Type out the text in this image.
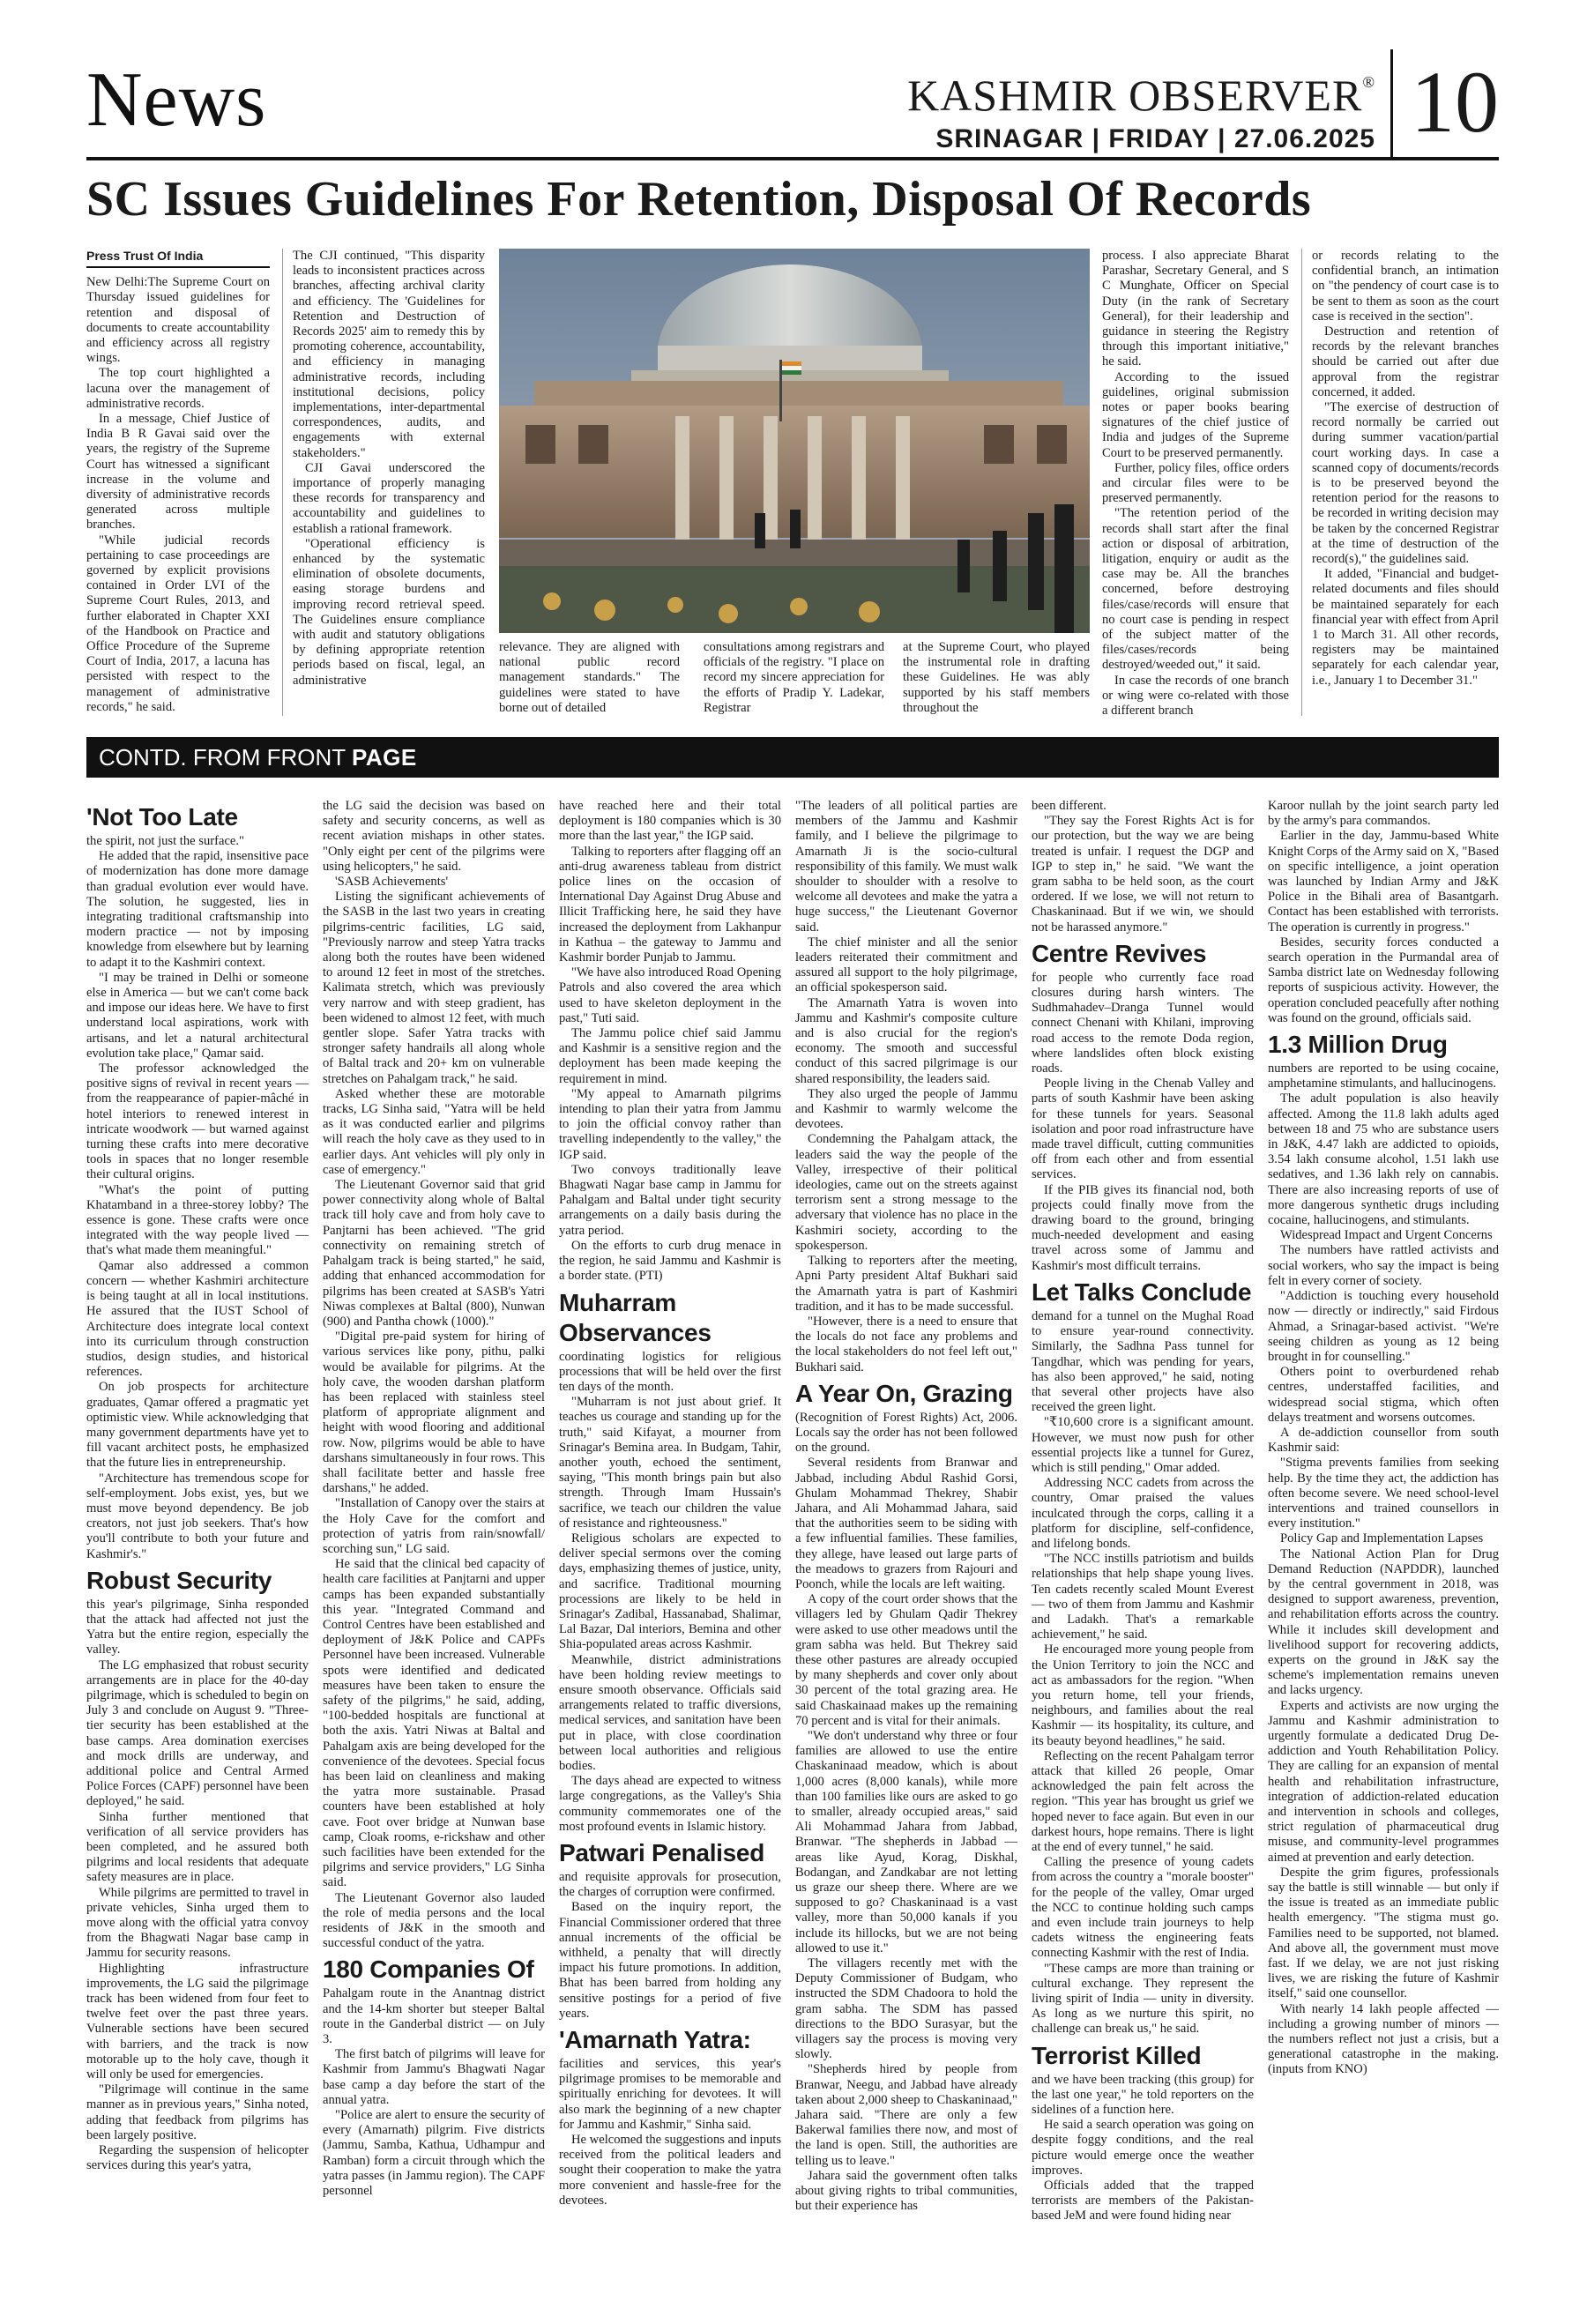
News	KASHMIR OBSERVER®
SRINAGAR | FRIDAY | 27.06.2025 10
SC Issues Guidelines For Retention, Disposal Of Records
Press Trust Of India

New Delhi:The Supreme Court on Thursday issued guidelines for retention and disposal of documents to create accountability and efficiency across all registry wings.

The top court highlighted a lacuna over the management of administrative records.

In a message, Chief Justice of India B R Gavai said over the years, the registry of the Supreme Court has witnessed a significant increase in the volume and diversity of administrative records generated across multiple branches.

"While judicial records pertaining to case proceedings are governed by explicit provisions contained in Order LVI of the Supreme Court Rules, 2013, and further elaborated in Chapter XXI of the Handbook on Practice and Office Procedure of the Supreme Court of India, 2017, a lacuna has persisted with respect to the management of administrative records," he said.

The CJI continued, "This disparity leads to inconsistent practices across branches, affecting archival clarity and efficiency. The 'Guidelines for Retention and Destruction of Records 2025' aim to remedy this by promoting coherence, accountability, and efficiency in managing administrative records, including institutional decisions, policy implementations, inter-departmental correspondences, audits, and engagements with external stakeholders."

CJI Gavai underscored the importance of properly managing these records for transparency and accountability and guidelines to establish a rational framework.

"Operational efficiency is enhanced by the systematic elimination of obsolete documents, easing storage burdens and improving record retrieval speed. The Guidelines ensure compliance with audit and statutory obligations by defining appropriate retention periods based on fiscal, legal, an administrative

relevance. They are aligned with national public record management standards." The guidelines were stated to have borne out of detailed

consultations among registrars and officials of the registry. "I place on record my sincere appreciation for the efforts of Pradip Y. Ladekar, Registrar

at the Supreme Court, who played the instrumental role in drafting these Guidelines. He was ably supported by his staff members throughout the

process. I also appreciate Bharat Parashar, Secretary General, and S C Munghate, Officer on Special Duty (in the rank of Secretary General), for their leadership and guidance in steering the Registry through this important initiative," he said.

According to the issued guidelines, original submission notes or paper books bearing signatures of the chief justice of India and judges of the Supreme Court to be preserved permanently.

Further, policy files, office orders and circular files were to be preserved permanently.

"The retention period of the records shall start after the final action or disposal of arbitration, litigation, enquiry or audit as the case may be. All the branches concerned, before destroying files/case/records will ensure that no court case is pending in respect of the subject matter of the files/cases/records being destroyed/weeded out," it said.

In case the records of one branch or wing were co-related with those a different branch

or records relating to the confidential branch, an intimation on "the pendency of court case is to be sent to them as soon as the court case is received in the section".

Destruction and retention of records by the relevant branches should be carried out after due approval from the registrar concerned, it added.

"The exercise of destruction of record normally be carried out during summer vacation/partial court working days. In case a scanned copy of documents/records is to be preserved beyond the retention period for the reasons to be recorded in writing decision may be taken by the concerned Registrar at the time of destruction of the record(s)," the guidelines said.

It added, "Financial and budget-related documents and files should be maintained separately for each financial year with effect from April 1 to March 31. All other records, registers may be maintained separately for each calendar year, i.e., January 1 to December 31."

CONTD. FROM FRONT PAGE
'Not Too Late

the spirit, not just the surface."

He added that the rapid, insensitive pace of modernization has done more damage than gradual evolution ever would have. The solution, he suggested, lies in integrating traditional craftsmanship into modern practice — not by imposing knowledge from elsewhere but by learning to adapt it to the Kashmiri context.

"I may be trained in Delhi or someone else in America — but we can't come back and impose our ideas here. We have to first understand local aspirations, work with artisans, and let a natural architectural evolution take place," Qamar said.

The professor acknowledged the positive signs of revival in recent years — from the reappearance of papier-mâché in hotel interiors to renewed interest in intricate woodwork — but warned against turning these crafts into mere decorative tools in spaces that no longer resemble their cultural origins.

"What's the point of putting Khatamband in a three-storey lobby? The essence is gone. These crafts were once integrated with the way people lived — that's what made them meaningful."

Qamar also addressed a common concern — whether Kashmiri architecture is being taught at all in local institutions. He assured that the IUST School of Architecture does integrate local context into its curriculum through construction studios, design studies, and historical references.

On job prospects for architecture graduates, Qamar offered a pragmatic yet optimistic view. While acknowledging that many government departments have yet to fill vacant architect posts, he emphasized that the future lies in entrepreneurship.

"Architecture has tremendous scope for self-employment. Jobs exist, yes, but we must move beyond dependency. Be job creators, not just job seekers. That's how you'll contribute to both your future and Kashmir's."

Robust Security

this year's pilgrimage, Sinha responded that the attack had affected not just the Yatra but the entire region, especially the valley.

The LG emphasized that robust security arrangements are in place for the 40-day pilgrimage, which is scheduled to begin on July 3 and conclude on August 9. "Three-tier security has been established at the base camps. Area domination exercises and mock drills are underway, and additional police and Central Armed Police Forces (CAPF) personnel have been deployed," he said.

Sinha further mentioned that verification of all service providers has been completed, and he assured both pilgrims and local residents that adequate safety measures are in place.

While pilgrims are permitted to travel in private vehicles, Sinha urged them to move along with the official yatra convoy from the Bhagwati Nagar base camp in Jammu for security reasons.

Highlighting infrastructure improvements, the LG said the pilgrimage track has been widened from four feet to twelve feet over the past three years. Vulnerable sections have been secured with barriers, and the track is now motorable up to the holy cave, though it will only be used for emergencies.

"Pilgrimage will continue in the same manner as in previous years," Sinha noted, adding that feedback from pilgrims has been largely positive.

Regarding the suspension of helicopter services during this year's yatra,

the LG said the decision was based on safety and security concerns, as well as recent aviation mishaps in other states. "Only eight per cent of the pilgrims were using helicopters," he said.

'SASB Achievements'

Listing the significant achievements of the SASB in the last two years in creating pilgrims-centric facilities, LG said, "Previously narrow and steep Yatra tracks along both the routes have been widened to around 12 feet in most of the stretches. Kalimata stretch, which was previously very narrow and with steep gradient, has been widened to almost 12 feet, with much gentler slope. Safer Yatra tracks with stronger safety handrails all along whole of Baltal track and 20+ km on vulnerable stretches on Pahalgam track," he said.

Asked whether these are motorable tracks, LG Sinha said, "Yatra will be held as it was conducted earlier and pilgrims will reach the holy cave as they used to in earlier days. Ant vehicles will ply only in case of emergency."

The Lieutenant Governor said that grid power connectivity along whole of Baltal track till holy cave and from holy cave to Panjtarni has been achieved. "The grid connectivity on remaining stretch of Pahalgam track is being started," he said, adding that enhanced accommodation for pilgrims has been created at SASB's Yatri Niwas complexes at Baltal (800), Nunwan (900) and Pantha chowk (1000)."

"Digital pre-paid system for hiring of various services like pony, pithu, palki would be available for pilgrims. At the holy cave, the wooden darshan platform has been replaced with stainless steel platform of appropriate alignment and height with wood flooring and additional row. Now, pilgrims would be able to have darshans simultaneously in four rows. This shall facilitate better and hassle free darshans," he added.

"Installation of Canopy over the stairs at the Holy Cave for the comfort and protection of yatris from rain/snowfall/ scorching sun," LG said.

He said that the clinical bed capacity of health care facilities at Panjtarni and upper camps has been expanded substantially this year. "Integrated Command and Control Centres have been established and deployment of J&K Police and CAPFs Personnel have been increased. Vulnerable spots were identified and dedicated measures have been taken to ensure the safety of the pilgrims," he said, adding, "100-bedded hospitals are functional at both the axis. Yatri Niwas at Baltal and Pahalgam axis are being developed for the convenience of the devotees. Special focus has been laid on cleanliness and making the yatra more sustainable. Prasad counters have been established at holy cave. Foot over bridge at Nunwan base camp, Cloak rooms, e-rickshaw and other such facilities have been extended for the pilgrims and service providers," LG Sinha said.

The Lieutenant Governor also lauded the role of media persons and the local residents of J&K in the smooth and successful conduct of the yatra.

180 Companies Of

Pahalgam route in the Anantnag district and the 14-km shorter but steeper Baltal route in the Ganderbal district — on July 3.

The first batch of pilgrims will leave for Kashmir from Jammu's Bhagwati Nagar base camp a day before the start of the annual yatra.

"Police are alert to ensure the security of every (Amarnath) pilgrim. Five districts (Jammu, Samba, Kathua, Udhampur and Ramban) form a circuit through which the yatra passes (in Jammu region). The CAPF personnel

have reached here and their total deployment is 180 companies which is 30 more than the last year," the IGP said.

Talking to reporters after flagging off an anti-drug awareness tableau from district police lines on the occasion of International Day Against Drug Abuse and Illicit Trafficking here, he said they have increased the deployment from Lakhanpur in Kathua – the gateway to Jammu and Kashmir border Punjab to Jammu.

"We have also introduced Road Opening Patrols and also covered the area which used to have skeleton deployment in the past," Tuti said.

The Jammu police chief said Jammu and Kashmir is a sensitive region and the deployment has been made keeping the requirement in mind.

"My appeal to Amarnath pilgrims intending to plan their yatra from Jammu to join the official convoy rather than travelling independently to the valley," the IGP said.

Two convoys traditionally leave Bhagwati Nagar base camp in Jammu for Pahalgam and Baltal under tight security arrangements on a daily basis during the yatra period.

On the efforts to curb drug menace in the region, he said Jammu and Kashmir is a border state. (PTI)

Muharram Observances

coordinating logistics for religious processions that will be held over the first ten days of the month.

"Muharram is not just about grief. It teaches us courage and standing up for the truth," said Kifayat, a mourner from Srinagar's Bemina area. In Budgam, Tahir, another youth, echoed the sentiment, saying, "This month brings pain but also strength. Through Imam Hussain's sacrifice, we teach our children the value of resistance and righteousness."

Religious scholars are expected to deliver special sermons over the coming days, emphasizing themes of justice, unity, and sacrifice. Traditional mourning processions are likely to be held in Srinagar's Zadibal, Hassanabad, Shalimar, Lal Bazar, Dal interiors, Bemina and other Shia-populated areas across Kashmir.

Meanwhile, district administrations have been holding review meetings to ensure smooth observance. Officials said arrangements related to traffic diversions, medical services, and sanitation have been put in place, with close coordination between local authorities and religious bodies.

The days ahead are expected to witness large congregations, as the Valley's Shia community commemorates one of the most profound events in Islamic history.

Patwari Penalised

and requisite approvals for prosecution, the charges of corruption were confirmed.

Based on the inquiry report, the Financial Commissioner ordered that three annual increments of the official be withheld, a penalty that will directly impact his future promotions. In addition, Bhat has been barred from holding any sensitive postings for a period of five years.

'Amarnath Yatra:

facilities and services, this year's pilgrimage promises to be memorable and spiritually enriching for devotees. It will also mark the beginning of a new chapter for Jammu and Kashmir," Sinha said.

He welcomed the suggestions and inputs received from the political leaders and sought their cooperation to make the yatra more convenient and hassle-free for the devotees.

"The leaders of all political parties are members of the Jammu and Kashmir family, and I believe the pilgrimage to Amarnath Ji is the socio-cultural responsibility of this family. We must walk shoulder to shoulder with a resolve to welcome all devotees and make the yatra a huge success," the Lieutenant Governor said.

The chief minister and all the senior leaders reiterated their commitment and assured all support to the holy pilgrimage, an official spokesperson said.

The Amarnath Yatra is woven into Jammu and Kashmir's composite culture and is also crucial for the region's economy. The smooth and successful conduct of this sacred pilgrimage is our shared responsibility, the leaders said.

They also urged the people of Jammu and Kashmir to warmly welcome the devotees.

Condemning the Pahalgam attack, the leaders said the way the people of the Valley, irrespective of their political ideologies, came out on the streets against terrorism sent a strong message to the adversary that violence has no place in the Kashmiri society, according to the spokesperson.

Talking to reporters after the meeting, Apni Party president Altaf Bukhari said the Amarnath yatra is part of Kashmiri tradition, and it has to be made successful.

"However, there is a need to ensure that the locals do not face any problems and the local stakeholders do not feel left out," Bukhari said.

A Year On, Grazing

(Recognition of Forest Rights) Act, 2006. Locals say the order has not been followed on the ground.

Several residents from Branwar and Jabbad, including Abdul Rashid Gorsi, Ghulam Mohammad Thekrey, Shabir Jahara, and Ali Mohammad Jahara, said that the authorities seem to be siding with a few influential families. These families, they allege, have leased out large parts of the meadows to grazers from Rajouri and Poonch, while the locals are left waiting.

A copy of the court order shows that the villagers led by Ghulam Qadir Thekrey were asked to use other meadows until the gram sabha was held. But Thekrey said these other pastures are already occupied by many shepherds and cover only about 30 percent of the total grazing area. He said Chaskainaad makes up the remaining 70 percent and is vital for their animals.

"We don't understand why three or four families are allowed to use the entire Chaskaninaad meadow, which is about 1,000 acres (8,000 kanals), while more than 100 families like ours are asked to go to smaller, already occupied areas," said Ali Mohammad Jahara from Jabbad, Branwar. "The shepherds in Jabbad — areas like Ayud, Korag, Diskhal, Bodangan, and Zandkabar are not letting us graze our sheep there. Where are we supposed to go? Chaskaninaad is a vast valley, more than 50,000 kanals if you include its hillocks, but we are not being allowed to use it."

The villagers recently met with the Deputy Commissioner of Budgam, who instructed the SDM Chadoora to hold the gram sabha. The SDM has passed directions to the BDO Surasyar, but the villagers say the process is moving very slowly.

"Shepherds hired by people from Branwar, Neegu, and Jabbad have already taken about 2,000 sheep to Chaskaninaad," Jahara said. "There are only a few Bakerwal families there now, and most of the land is open. Still, the authorities are telling us to leave."

Jahara said the government often talks about giving rights to tribal communities, but their experience has

been different.

"They say the Forest Rights Act is for our protection, but the way we are being treated is unfair. I request the DGP and IGP to step in," he said. "We want the gram sabha to be held soon, as the court ordered. If we lose, we will not return to Chaskaninaad. But if we win, we should not be harassed anymore."

Centre Revives

for people who currently face road closures during harsh winters. The Sudhmahadev–Dranga Tunnel would connect Chenani with Khilani, improving road access to the remote Doda region, where landslides often block existing roads.

People living in the Chenab Valley and parts of south Kashmir have been asking for these tunnels for years. Seasonal isolation and poor road infrastructure have made travel difficult, cutting communities off from each other and from essential services.

If the PIB gives its financial nod, both projects could finally move from the drawing board to the ground, bringing much-needed development and easing travel across some of Jammu and Kashmir's most difficult terrains.

Let Talks Conclude

demand for a tunnel on the Mughal Road to ensure year-round connectivity. Similarly, the Sadhna Pass tunnel for Tangdhar, which was pending for years, has also been approved," he said, noting that several other projects have also received the green light.

"₹10,600 crore is a significant amount. However, we must now push for other essential projects like a tunnel for Gurez, which is still pending," Omar added.

Addressing NCC cadets from across the country, Omar praised the values inculcated through the corps, calling it a platform for discipline, self-confidence, and lifelong bonds.

"The NCC instills patriotism and builds relationships that help shape young lives. Ten cadets recently scaled Mount Everest — two of them from Jammu and Kashmir and Ladakh. That's a remarkable achievement," he said.

He encouraged more young people from the Union Territory to join the NCC and act as ambassadors for the region. "When you return home, tell your friends, neighbours, and families about the real Kashmir — its hospitality, its culture, and its beauty beyond headlines," he said.

Reflecting on the recent Pahalgam terror attack that killed 26 people, Omar acknowledged the pain felt across the region. "This year has brought us grief we hoped never to face again. But even in our darkest hours, hope remains. There is light at the end of every tunnel," he said.

Calling the presence of young cadets from across the country a "morale booster" for the people of the valley, Omar urged the NCC to continue holding such camps and even include train journeys to help cadets witness the engineering feats connecting Kashmir with the rest of India.

"These camps are more than training or cultural exchange. They represent the living spirit of India — unity in diversity. As long as we nurture this spirit, no challenge can break us," he said.

Terrorist Killed

and we have been tracking (this group) for the last one year," he told reporters on the sidelines of a function here.

He said a search operation was going on despite foggy conditions, and the real picture would emerge once the weather improves.

Officials added that the trapped terrorists are members of the Pakistan-based JeM and were found hiding near

Karoor nullah by the joint search party led by the army's para commandos.

Earlier in the day, Jammu-based White Knight Corps of the Army said on X, "Based on specific intelligence, a joint operation was launched by Indian Army and J&K Police in the Bihali area of Basantgarh. Contact has been established with terrorists. The operation is currently in progress."

Besides, security forces conducted a search operation in the Purmandal area of Samba district late on Wednesday following reports of suspicious activity. However, the operation concluded peacefully after nothing was found on the ground, officials said.

1.3 Million Drug

numbers are reported to be using cocaine, amphetamine stimulants, and hallucinogens.

The adult population is also heavily affected. Among the 11.8 lakh adults aged between 18 and 75 who are substance users in J&K, 4.47 lakh are addicted to opioids, 3.54 lakh consume alcohol, 1.51 lakh use sedatives, and 1.36 lakh rely on cannabis. There are also increasing reports of use of more dangerous synthetic drugs including cocaine, hallucinogens, and stimulants.

Widespread Impact and Urgent Concerns

The numbers have rattled activists and social workers, who say the impact is being felt in every corner of society.

"Addiction is touching every household now — directly or indirectly," said Firdous Ahmad, a Srinagar-based activist. "We're seeing children as young as 12 being brought in for counselling."

Others point to overburdened rehab centres, understaffed facilities, and widespread social stigma, which often delays treatment and worsens outcomes.

A de-addiction counsellor from south Kashmir said:

"Stigma prevents families from seeking help. By the time they act, the addiction has often become severe. We need school-level interventions and trained counsellors in every institution."

Policy Gap and Implementation Lapses

The National Action Plan for Drug Demand Reduction (NAPDDR), launched by the central government in 2018, was designed to support awareness, prevention, and rehabilitation efforts across the country. While it includes skill development and livelihood support for recovering addicts, experts on the ground in J&K say the scheme's implementation remains uneven and lacks urgency.

Experts and activists are now urging the Jammu and Kashmir administration to urgently formulate a dedicated Drug De-addiction and Youth Rehabilitation Policy. They are calling for an expansion of mental health and rehabilitation infrastructure, integration of addiction-related education and intervention in schools and colleges, strict regulation of pharmaceutical drug misuse, and community-level programmes aimed at prevention and early detection.

Despite the grim figures, professionals say the battle is still winnable — but only if the issue is treated as an immediate public health emergency. "The stigma must go. Families need to be supported, not blamed. And above all, the government must move fast. If we delay, we are not just risking lives, we are risking the future of Kashmir itself," said one counsellor.

With nearly 14 lakh people affected — including a growing number of minors — the numbers reflect not just a crisis, but a generational catastrophe in the making. (inputs from KNO)
